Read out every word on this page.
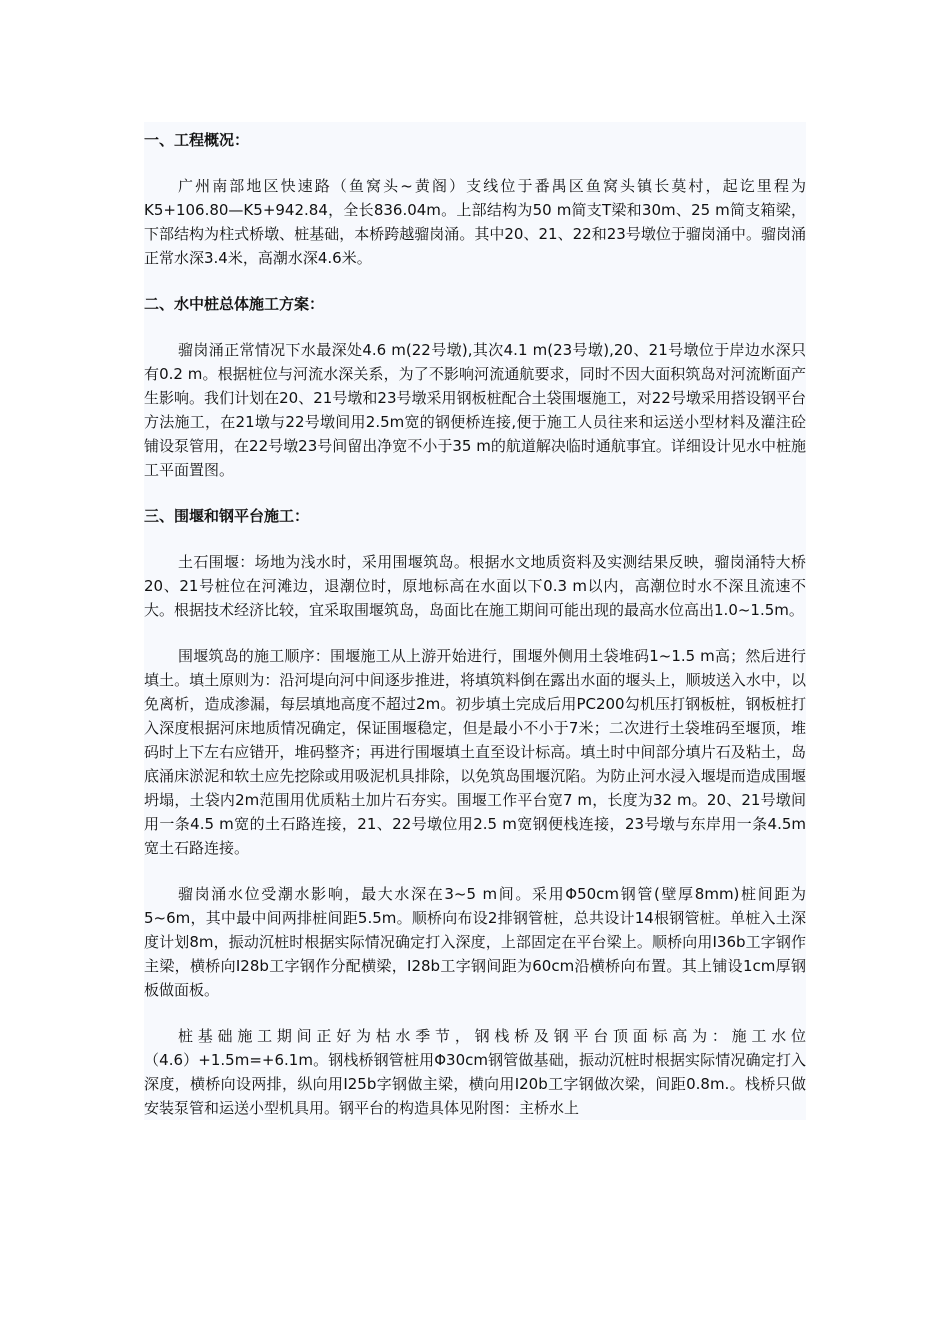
一、工程概况：

广州南部地区快速路（鱼窝头~黄阁）支线位于番禺区鱼窝头镇长莫村，起讫里程为K5+106.80—K5+942.84，全长836.04m。上部结构为50 m简支T梁和30m、25 m简支箱梁，下部结构为柱式桥墩、桩基础，本桥跨越骝岗涌。其中20、21、22和23号墩位于骝岗涌中。骝岗涌正常水深3.4米，高潮水深4.6米。

二、水中桩总体施工方案：

骝岗涌正常情况下水最深处4.6 m(22号墩),其次4.1 m(23号墩),20、21号墩位于岸边水深只有0.2 m。根据桩位与河流水深关系，为了不影响河流通航要求，同时不因大面积筑岛对河流断面产生影响。我们计划在20、21号墩和23号墩采用钢板桩配合土袋围堰施工，对22号墩采用搭设钢平台方法施工，在21墩与22号墩间用2.5m宽的钢便桥连接,便于施工人员往来和运送小型材料及灌注砼铺设泵管用，在22号墩23号间留出净宽不小于35 m的航道解决临时通航事宜。详细设计见水中桩施工平面置图。

三、围堰和钢平台施工：

土石围堰：场地为浅水时，采用围堰筑岛。根据水文地质资料及实测结果反映，骝岗涌特大桥20、21号桩位在河滩边，退潮位时，原地标高在水面以下0.3 m以内，高潮位时水不深且流速不大。根据技术经济比较，宜采取围堰筑岛，岛面比在施工期间可能出现的最高水位高出1.0~1.5m。

围堰筑岛的施工顺序：围堰施工从上游开始进行，围堰外侧用土袋堆码1~1.5 m高；然后进行填土。填土原则为：沿河堤向河中间逐步推进，将填筑料倒在露出水面的堰头上，顺坡送入水中，以免离析，造成渗漏，每层填地高度不超过2m。初步填土完成后用PC200勾机压打钢板桩，钢板桩打入深度根据河床地质情况确定，保证围堰稳定，但是最小不小于7米；二次进行土袋堆码至堰顶，堆码时上下左右应错开，堆码整齐；再进行围堰填土直至设计标高。填土时中间部分填片石及粘土，岛底涌床淤泥和软土应先挖除或用吸泥机具排除，以免筑岛围堰沉陷。为防止河水浸入堰堤而造成围堰坍塌，土袋内2m范围用优质粘土加片石夯实。围堰工作平台宽7 m，长度为32 m。20、21号墩间用一条4.5 m宽的土石路连接，21、22号墩位用2.5 m宽钢便栈连接，23号墩与东岸用一条4.5m宽土石路连接。

骝岗涌水位受潮水影响，最大水深在3~5 m间。采用Φ50cm钢管(壁厚8mm)桩间距为5~6m，其中最中间两排桩间距5.5m。顺桥向布设2排钢管桩，总共设计14根钢管桩。单桩入土深度计划8m，振动沉桩时根据实际情况确定打入深度，上部固定在平台梁上。顺桥向用I36b工字钢作主梁，横桥向I28b工字钢作分配横梁，I28b工字钢间距为60cm沿横桥向布置。其上铺设1cm厚钢板做面板。

桩基础施工期间正好为枯水季节，钢栈桥及钢平台顶面标高为：施工水位（4.6）+1.5m=+6.1m。钢栈桥钢管桩用Φ30cm钢管做基础，振动沉桩时根据实际情况确定打入深度，横桥向设两排，纵向用I25b字钢做主梁，横向用I20b工字钢做次梁，间距0.8m.。栈桥只做安装泵管和运送小型机具用。钢平台的构造具体见附图：主桥水上
